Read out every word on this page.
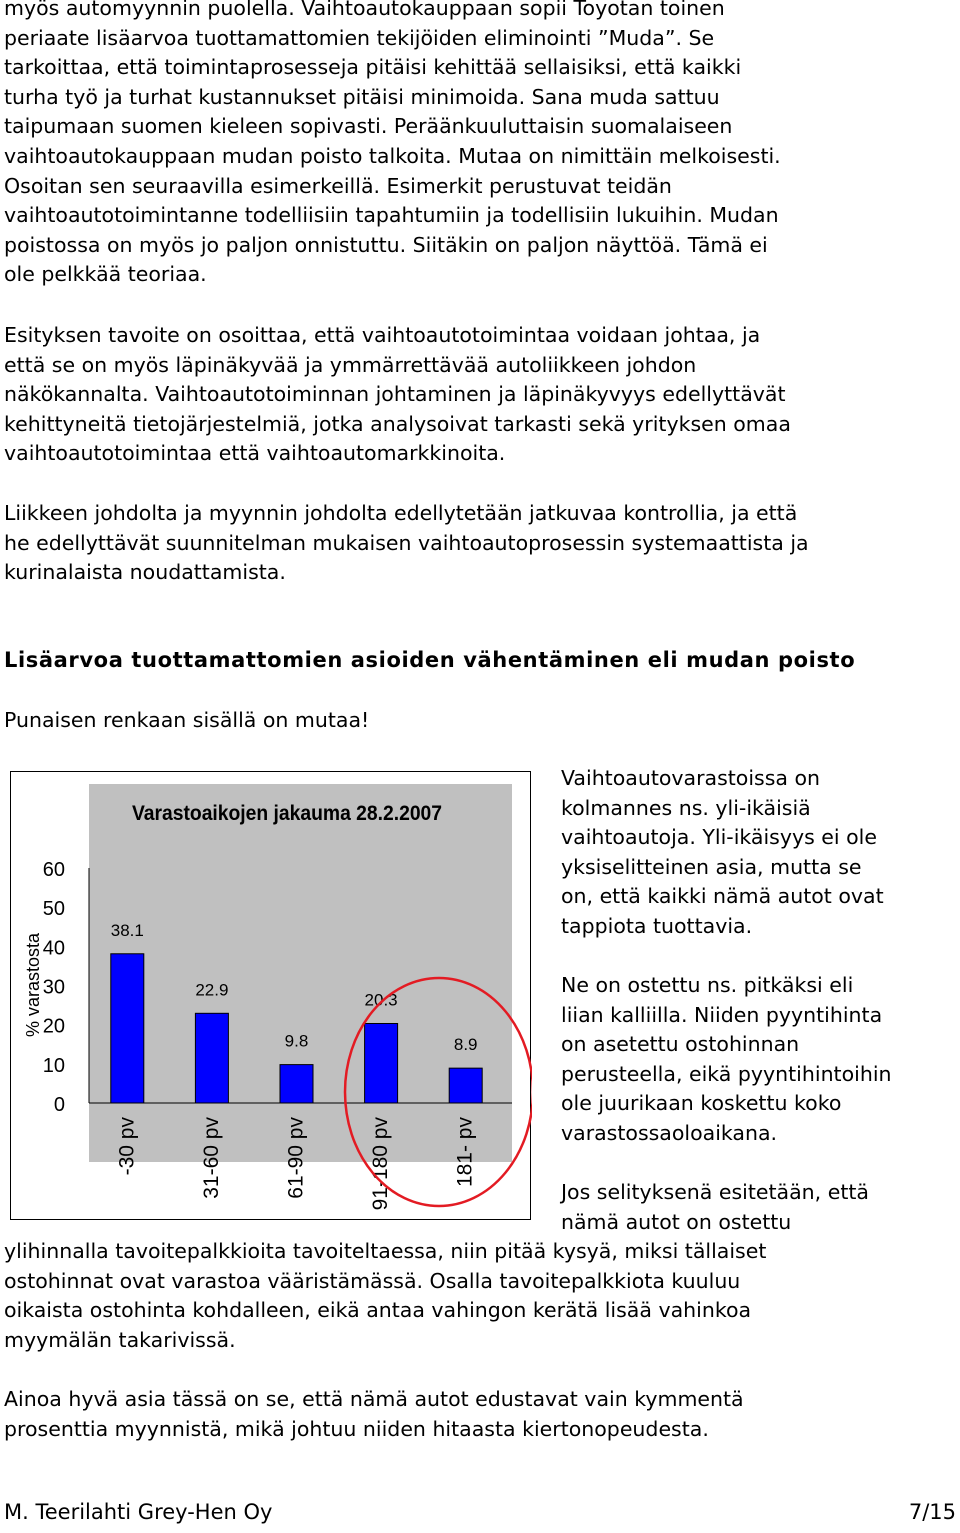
myös automyynnin puolella. Vaihtoautokauppaan sopii Toyotan toinen
periaate lisäarvoa tuottamattomien tekijöiden eliminointi ”Muda”. Se
tarkoittaa, että toimintaprosesseja pitäisi kehittää sellaisiksi, että kaikki
turha työ ja turhat kustannukset pitäisi minimoida. Sana muda sattuu
taipumaan suomen kieleen sopivasti. Peräänkuuluttaisin suomalaiseen
vaihtoautokauppaan mudan poisto talkoita. Mutaa on nimittäin melkoisesti.
Osoitan sen seuraavilla esimerkeillä. Esimerkit perustuvat teidän
vaihtoautotoimintanne todelliisiin tapahtumiin ja todellisiin lukuihin. Mudan
poistossa on myös jo paljon onnistuttu. Siitäkin on paljon näyttöä. Tämä ei
ole pelkkää teoriaa.
Esityksen tavoite on osoittaa, että vaihtoautotoimintaa voidaan johtaa, ja
että se on myös läpinäkyvää ja ymmärrettävää autoliikkeen johdon
näkökannalta. Vaihtoautotoiminnan johtaminen ja läpinäkyvyys edellyttävät
kehittyneitä tietojärjestelmiä, jotka analysoivat tarkasti sekä yrityksen omaa
vaihtoautotoimintaa että vaihtoautomarkkinoita.
Liikkeen johdolta ja myynnin johdolta edellytetään jatkuvaa kontrollia, ja että
he edellyttävät suunnitelman mukaisen vaihtoautoprosessin systemaattista ja
kurinalaista noudattamista.
Lisäarvoa tuottamattomien asioiden vähentäminen eli mudan poisto
Punaisen renkaan sisällä on mutaa!
Varastoaikojen jakauma 28.2.2007
0
10
20
30
40
50
60
% varastosta
38.1
-30 pv
22.9
31-60 pv
9.8
61-90 pv
20.3
91-180 pv
8.9
181- pv
Vaihtoautovarastoissa on
kolmannes ns. yli-ikäisiä
vaihtoautoja. Yli-ikäisyys ei ole
yksiselitteinen asia, mutta se
on, että kaikki nämä autot ovat
tappiota tuottavia.
Ne on ostettu ns. pitkäksi eli
liian kalliilla. Niiden pyyntihinta
on asetettu ostohinnan
perusteella, eikä pyyntihintoihin
ole juurikaan koskettu koko
varastossaoloaikana.
Jos selityksenä esitetään, että
nämä autot on ostettu
ylihinnalla tavoitepalkkioita tavoiteltaessa, niin pitää kysyä, miksi tällaiset
ostohinnat ovat varastoa vääristämässä. Osalla tavoitepalkkiota kuuluu
oikaista ostohinta kohdalleen, eikä antaa vahingon kerätä lisää vahinkoa
myymälän takarivissä.
Ainoa hyvä asia tässä on se, että nämä autot edustavat vain kymmentä
prosenttia myynnistä, mikä johtuu niiden hitaasta kiertonopeudesta.
M. Teerilahti Grey-Hen Oy	7/15
